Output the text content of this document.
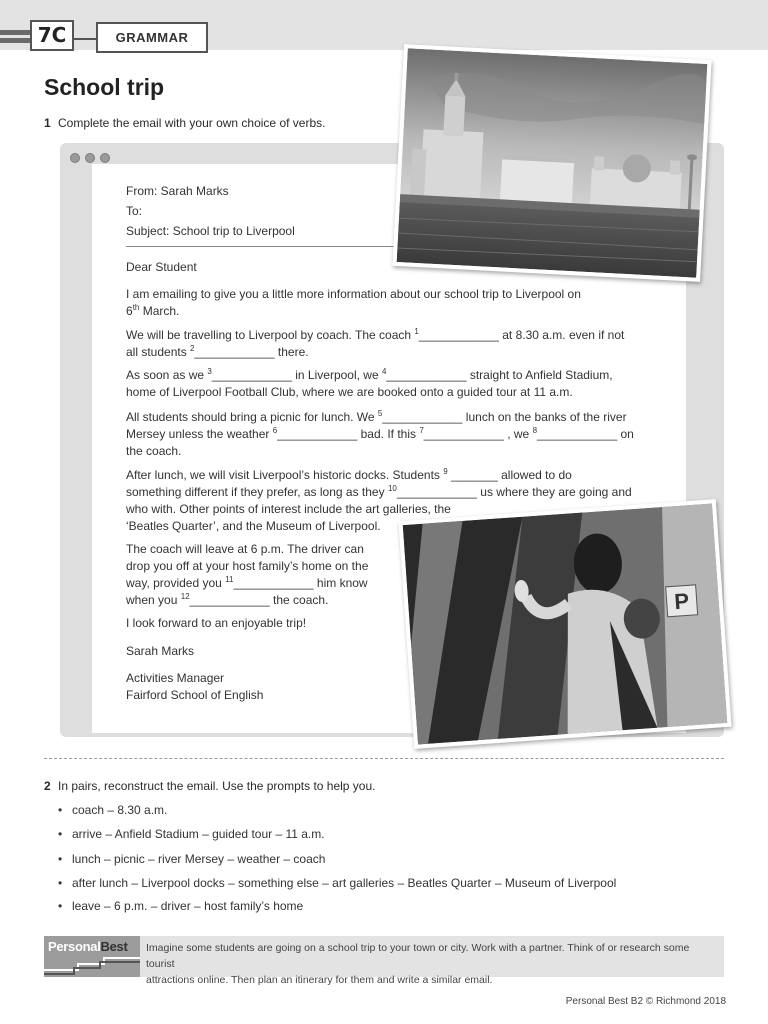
7C	GRAMMAR
School trip
1 Complete the email with your own choice of verbs.
From: Sarah Marks
To:
Subject: School trip to Liverpool
Dear Student
I am emailing to give you a little more information about our school trip to Liverpool on
6th March.
We will be travelling to Liverpool by coach. The coach $^1$____________ at 8.30 a.m. even if not
all students $^2$____________ there.
As soon as we $^3$____________ in Liverpool, we $^4$____________ straight to Anfield Stadium,
home of Liverpool Football Club, where we are booked onto a guided tour at 11 a.m.
All students should bring a picnic for lunch. We $^5$____________ lunch on the banks of the river
Mersey unless the weather $^6$____________ bad. If this $^7$____________ , we $^8$____________ on
the coach.
After lunch, we will visit Liverpool’s historic docks. Students $^9$ _______ allowed to do
something different if they prefer, as long as they $^{10}$____________ us where they are going and
who with. Other points of interest include the art galleries, the
‘Beatles Quarter’, and the Museum of Liverpool.
The coach will leave at 6 p.m. The driver can
drop you off at your host family’s home on the
way, provided you $^{11}$____________ him know
when you $^{12}$____________ the coach.
I look forward to an enjoyable trip!
Sarah Marks
Activities Manager
Fairford School of English
P
2 In pairs, reconstruct the email. Use the prompts to help you.
• coach – 8.30 a.m.
• arrive – Anfield Stadium – guided tour – 11 a.m.
• lunch – picnic – river Mersey – weather – coach
• after lunch – Liverpool docks – something else – art galleries – Beatles Quarter – Museum of Liverpool
• leave – 6 p.m. – driver – host family’s home
PersonalBest Imagine some students are going on a school trip to your town or city. Work with a partner. Think of or research some tourist
attractions online. Then plan an itinerary for them and write a similar email.
Personal Best B2 © Richmond 2018
